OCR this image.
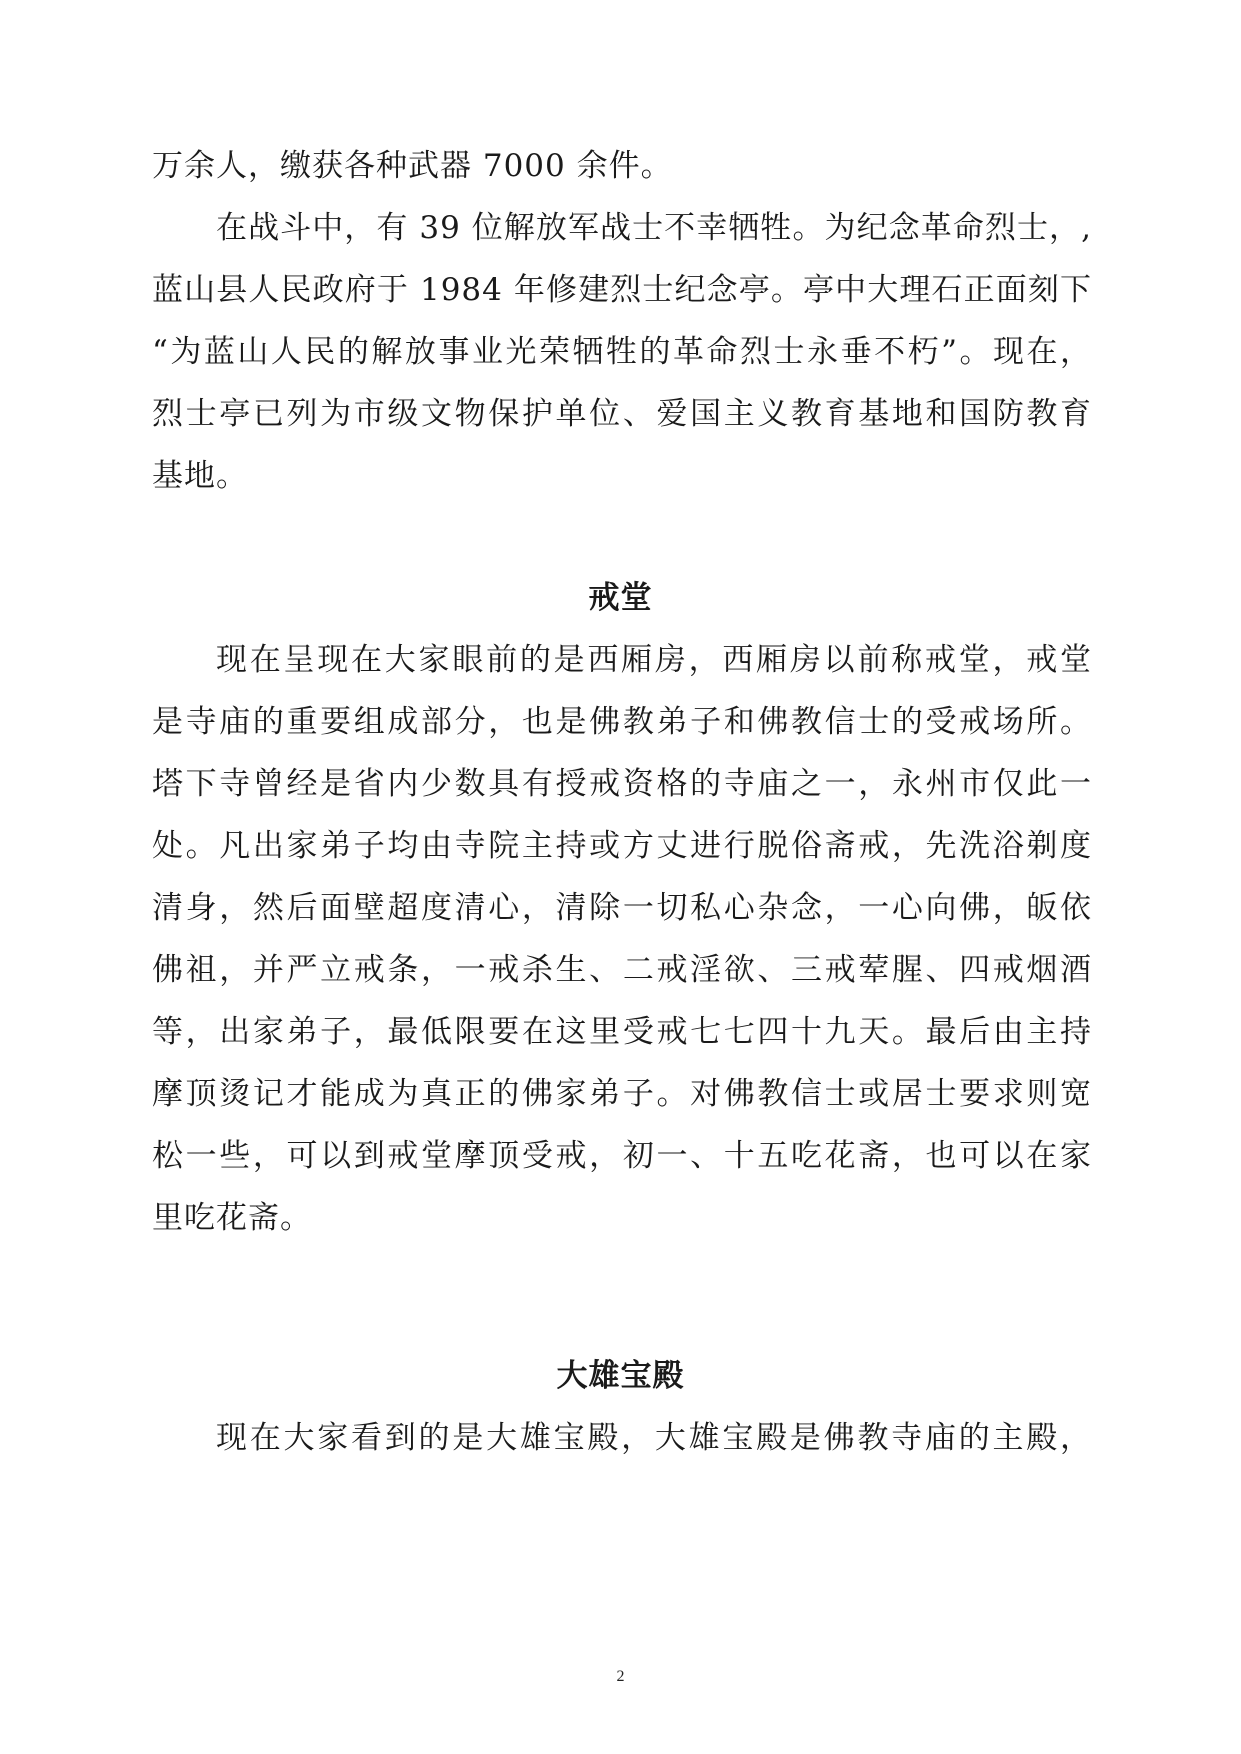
万余人，缴获各种武器 7000 余件。
在战斗中，有 39 位解放军战士不幸牺牲。为纪念革命烈士，,
蓝山县人民政府于 1984 年修建烈士纪念亭。亭中大理石正面刻下
“为蓝山人民的解放事业光荣牺牲的革命烈士永垂不朽”。现在，
烈士亭已列为市级文物保护单位、爱国主义教育基地和国防教育
基地。
戒堂
现在呈现在大家眼前的是西厢房，西厢房以前称戒堂，戒堂
是寺庙的重要组成部分，也是佛教弟子和佛教信士的受戒场所。
塔下寺曾经是省内少数具有授戒资格的寺庙之一，永州市仅此一
处。凡出家弟子均由寺院主持或方丈进行脱俗斋戒，先洗浴剃度
清身，然后面壁超度清心，清除一切私心杂念，一心向佛，皈依
佛祖，并严立戒条，一戒杀生、二戒淫欲、三戒荤腥、四戒烟酒
等，出家弟子，最低限要在这里受戒七七四十九天。最后由主持
摩顶烫记才能成为真正的佛家弟子。对佛教信士或居士要求则宽
松一些，可以到戒堂摩顶受戒，初一、十五吃花斋，也可以在家
里吃花斋。
大雄宝殿
现在大家看到的是大雄宝殿，大雄宝殿是佛教寺庙的主殿，
2
